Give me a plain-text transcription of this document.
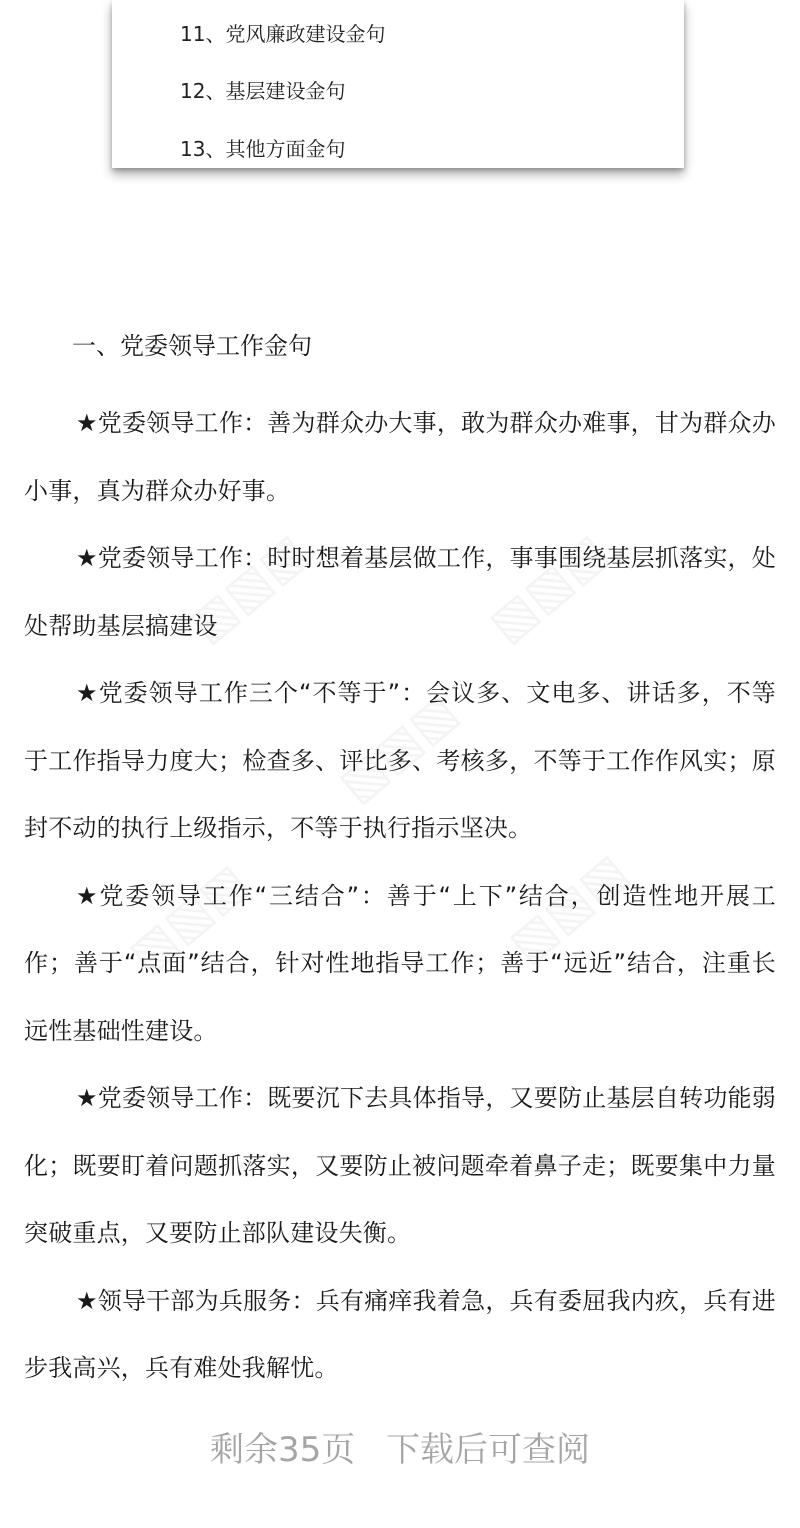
11、党风廉政建设金句
12、基层建设金句
13、其他方面金句
一、党委领导工作金句

★党委领导工作：善为群众办大事，敢为群众办难事，甘为群众办小事，真为群众办好事。

★党委领导工作：时时想着基层做工作，事事围绕基层抓落实，处处帮助基层搞建设

★党委领导工作三个“不等于”：会议多、文电多、讲话多，不等于工作指导力度大；检查多、评比多、考核多，不等于工作作风实；原封不动的执行上级指示，不等于执行指示坚决。

★党委领导工作“三结合”：善于“上下”结合，创造性地开展工作；善于“点面”结合，针对性地指导工作；善于“远近”结合，注重长远性基础性建设。

★党委领导工作：既要沉下去具体指导，又要防止基层自转功能弱化；既要盯着问题抓落实，又要防止被问题牵着鼻子走；既要集中力量突破重点，又要防止部队建设失衡。

★领导干部为兵服务：兵有痛痒我着急，兵有委屈我内疚，兵有进步我高兴，兵有难处我解忧。

剩余35页 下载后可查阅
